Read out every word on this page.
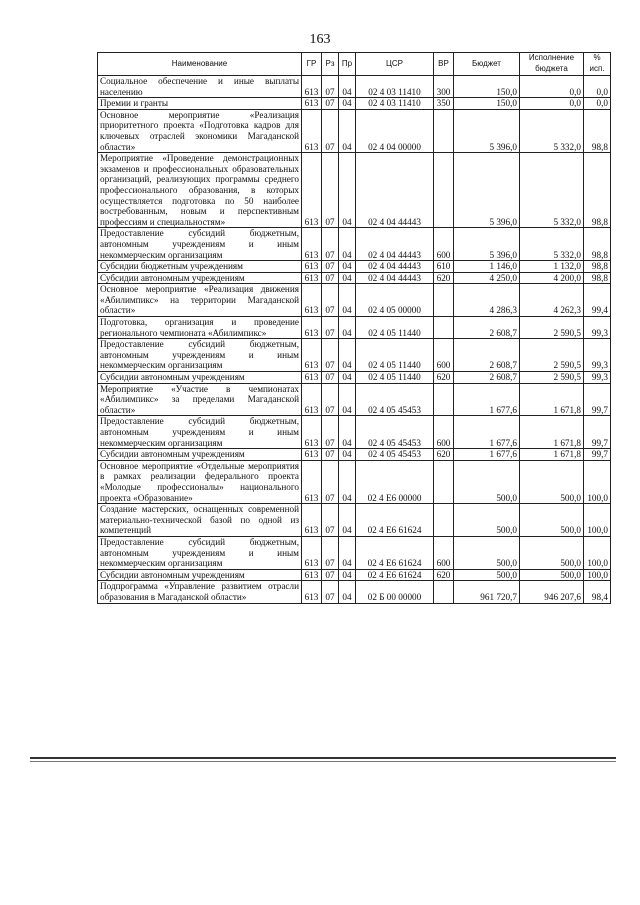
163
Наименование	ГР	Рз	Пр	ЦСР	ВР	Бюджет	Исполнение бюджета	% исп.
Социальное обеспечение и иные выплаты населению	613	07	04	02 4 03 11410	300	150,0	0,0	0,0
Премии и гранты	613	07	04	02 4 03 11410	350	150,0	0,0	0,0
Основное мероприятие «Реализация приоритетного проекта «Подготовка кадров для ключевых отраслей экономики Магаданской области»	613	07	04	02 4 04 00000		5 396,0	5 332,0	98,8
Мероприятие «Проведение демонстрационных экзаменов и профессиональных образовательных организаций, реализующих программы среднего профессионального образования, в которых осуществляется подготовка по 50 наиболее востребованным, новым и перспективным профессиям и специальностям»	613	07	04	02 4 04 44443		5 396,0	5 332,0	98,8
Предоставление субсидий бюджетным, автономным учреждениям и иным некоммерческим организациям	613	07	04	02 4 04 44443	600	5 396,0	5 332,0	98,8
Субсидии бюджетным учреждениям	613	07	04	02 4 04 44443	610	1 146,0	1 132,0	98,8
Субсидии автономным учреждениям	613	07	04	02 4 04 44443	620	4 250,0	4 200,0	98,8
Основное мероприятие «Реализация движения «Абилимпикс» на территории Магаданской области»	613	07	04	02 4 05 00000		4 286,3	4 262,3	99,4
Подготовка, организация и проведение регионального чемпионата «Абилимпикс»	613	07	04	02 4 05 11440		2 608,7	2 590,5	99,3
Предоставление субсидий бюджетным, автономным учреждениям и иным некоммерческим организациям	613	07	04	02 4 05 11440	600	2 608,7	2 590,5	99,3
Субсидии автономным учреждениям	613	07	04	02 4 05 11440	620	2 608,7	2 590,5	99,3
Мероприятие «Участие в чемпионатах «Абилимпикс» за пределами Магаданской области»	613	07	04	02 4 05 45453		1 677,6	1 671,8	99,7
Предоставление субсидий бюджетным, автономным учреждениям и иным некоммерческим организациям	613	07	04	02 4 05 45453	600	1 677,6	1 671,8	99,7
Субсидии автономным учреждениям	613	07	04	02 4 05 45453	620	1 677,6	1 671,8	99,7
Основное мероприятие «Отдельные мероприятия в рамках реализации федерального проекта «Молодые профессионалы» национального проекта «Образование»	613	07	04	02 4 Е6 00000		500,0	500,0	100,0
Создание мастерских, оснащенных современной материально-технической базой по одной из компетенций	613	07	04	02 4 Е6 61624		500,0	500,0	100,0
Предоставление субсидий бюджетным, автономным учреждениям и иным некоммерческим организациям	613	07	04	02 4 Е6 61624	600	500,0	500,0	100,0
Субсидии автономным учреждениям	613	07	04	02 4 Е6 61624	620	500,0	500,0	100,0
Подпрограмма «Управление развитием отрасли образования в Магаданской области»	613	07	04	02 Б 00 00000		961 720,7	946 207,6	98,4
